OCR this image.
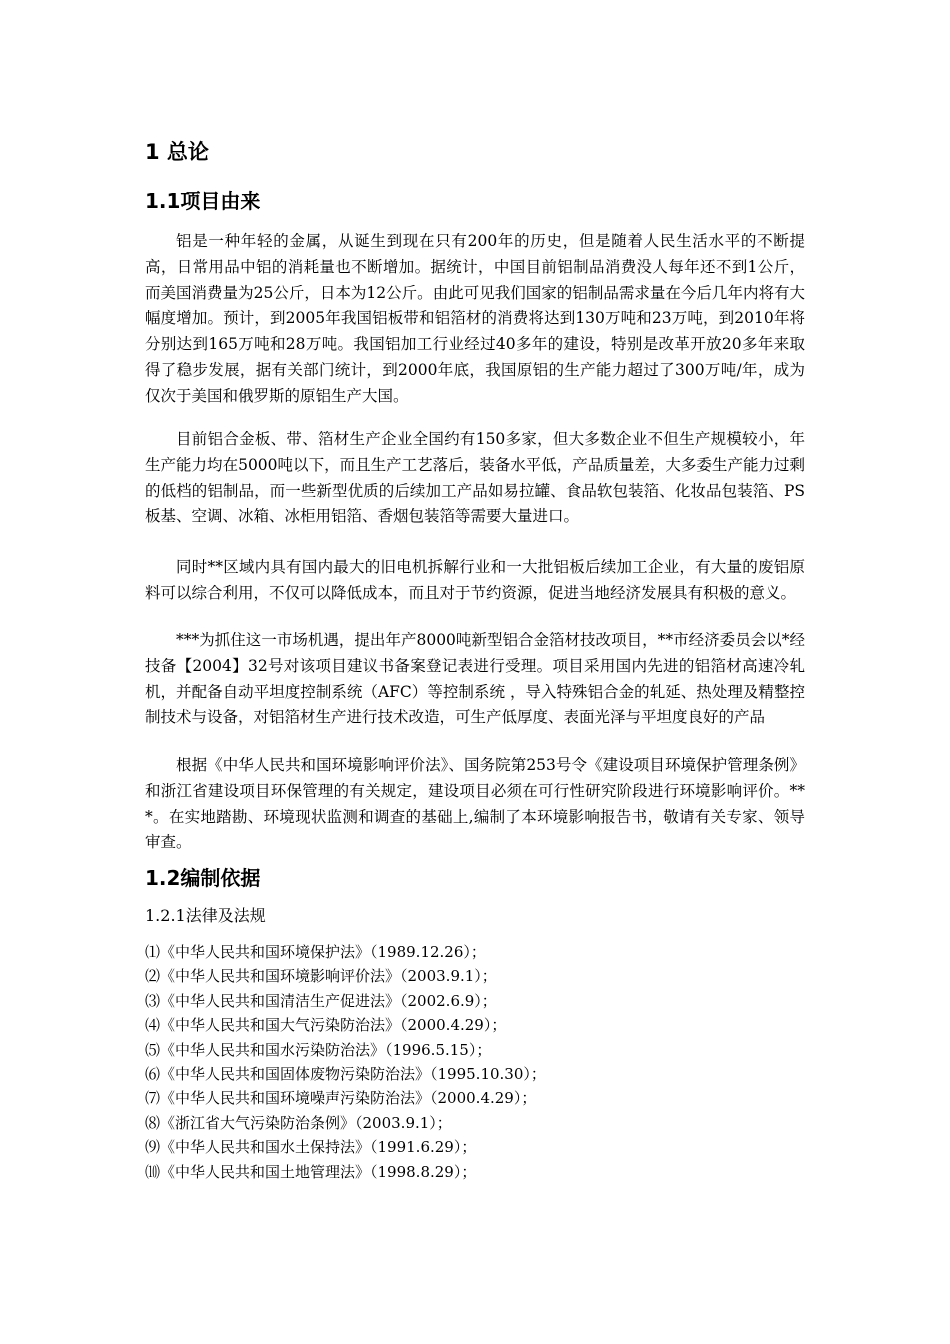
1 总论
1.1项目由来
铝是一种年轻的金属，从诞生到现在只有200年的历史，但是随着人民生活水平的不断提高，日常用品中铝的消耗量也不断增加。据统计，中国目前铝制品消费没人每年还不到1公斤，而美国消费量为25公斤，日本为12公斤。由此可见我们国家的铝制品需求量在今后几年内将有大幅度增加。预计，到2005年我国铝板带和铝箔材的消费将达到130万吨和23万吨，到2010年将分别达到165万吨和28万吨。我国铝加工行业经过40多年的建设，特别是改革开放20多年来取得了稳步发展，据有关部门统计，到2000年底，我国原铝的生产能力超过了300万吨/年，成为仅次于美国和俄罗斯的原铝生产大国。
目前铝合金板、带、箔材生产企业全国约有150多家，但大多数企业不但生产规模较小，年生产能力均在5000吨以下，而且生产工艺落后，装备水平低，产品质量差，大多委生产能力过剩的低档的铝制品，而一些新型优质的后续加工产品如易拉罐、食品软包装箔、化妆品包装箔、PS板基、空调、冰箱、冰柜用铝箔、香烟包装箔等需要大量进口。
同时**区域内具有国内最大的旧电机拆解行业和一大批铝板后续加工企业，有大量的废铝原料可以综合利用，不仅可以降低成本，而且对于节约资源，促进当地经济发展具有积极的意义。
***为抓住这一市场机遇，提出年产8000吨新型铝合金箔材技改项目，**市经济委员会以*经技备【2004】32号对该项目建议书备案登记表进行受理。项目采用国内先进的铝箔材高速冷轧机，并配备自动平坦度控制系统（AFC）等控制系统 ，导入特殊铝合金的轧延、热处理及精整控制技术与设备，对铝箔材生产进行技术改造，可生产低厚度、表面光泽与平坦度良好的产品
根据《中华人民共和国环境影响评价法》、国务院第253号令《建设项目环境保护管理条例》和浙江省建设项目环保管理的有关规定，建设项目必须在可行性研究阶段进行环境影响评价。***。在实地踏勘、环境现状监测和调查的基础上,编制了本环境影响报告书，敬请有关专家、领导审查。
1.2编制依据
1.2.1法律及法规
⑴《中华人民共和国环境保护法》（1989.12.26）；
⑵《中华人民共和国环境影响评价法》（2003.9.1）；
⑶《中华人民共和国清洁生产促进法》（2002.6.9）；
⑷《中华人民共和国大气污染防治法》（2000.4.29）；
⑸《中华人民共和国水污染防治法》（1996.5.15）；
⑹《中华人民共和国固体废物污染防治法》（1995.10.30）；
⑺《中华人民共和国环境噪声污染防治法》（2000.4.29）；
⑻《浙江省大气污染防治条例》（2003.9.1）；
⑼《中华人民共和国水土保持法》（1991.6.29）；
⑽《中华人民共和国土地管理法》（1998.8.29）；
